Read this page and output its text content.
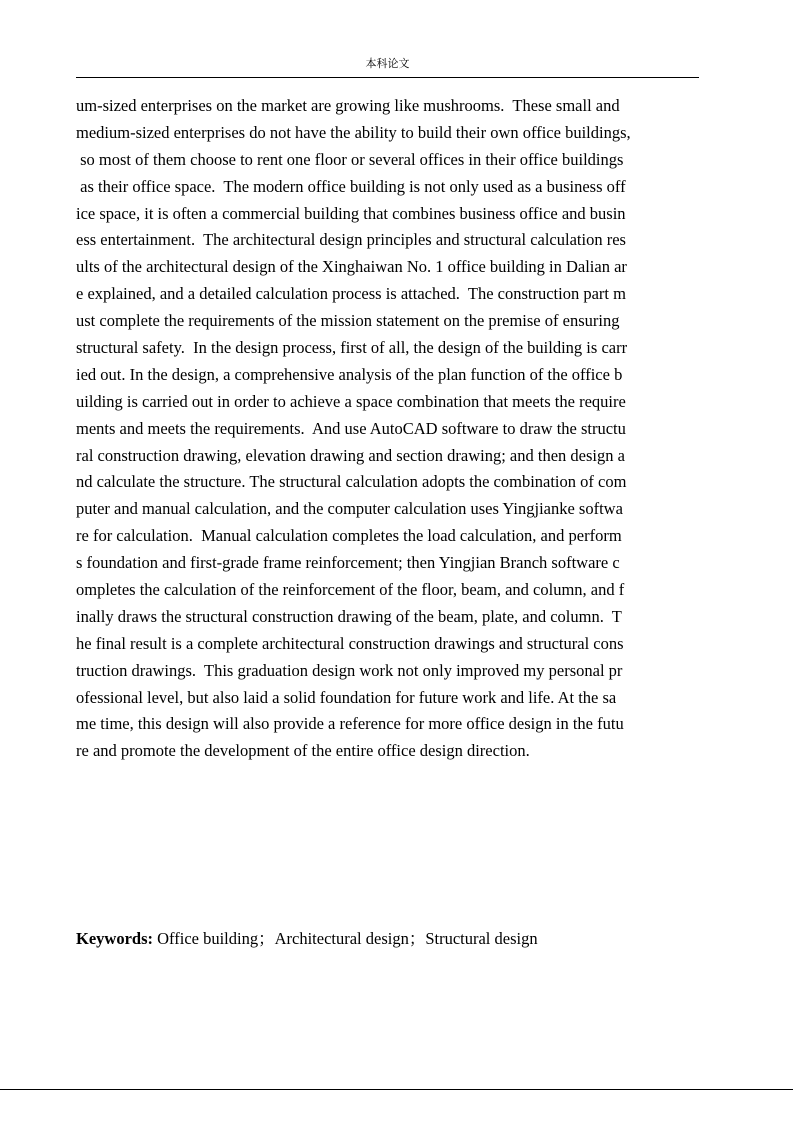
本科论文
um-sized enterprises on the market are growing like mushrooms.  These small and
medium-sized enterprises do not have the ability to build their own office buildings,
so most of them choose to rent one floor or several offices in their office buildings
as their office space.  The modern office building is not only used as a business off
ice space, it is often a commercial building that combines business office and busin
ess entertainment.  The architectural design principles and structural calculation res
ults of the architectural design of the Xinghaiwan No. 1 office building in Dalian ar
e explained, and a detailed calculation process is attached.  The construction part m
ust complete the requirements of the mission statement on the premise of ensuring
structural safety.  In the design process, first of all, the design of the building is carr
ied out. In the design, a comprehensive analysis of the plan function of the office b
uilding is carried out in order to achieve a space combination that meets the require
ments and meets the requirements.  And use AutoCAD software to draw the structu
ral construction drawing, elevation drawing and section drawing; and then design a
nd calculate the structure. The structural calculation adopts the combination of com
puter and manual calculation, and the computer calculation uses Yingjianke softwa
re for calculation.  Manual calculation completes the load calculation, and perform
s foundation and first-grade frame reinforcement; then Yingjian Branch software c
ompletes the calculation of the reinforcement of the floor, beam, and column, and f
inally draws the structural construction drawing of the beam, plate, and column.  T
he final result is a complete architectural construction drawings and structural cons
truction drawings.  This graduation design work not only improved my personal pr
ofessional level, but also laid a solid foundation for future work and life. At the sa
me time, this design will also provide a reference for more office design in the futu
re and promote the development of the entire office design direction.

Keywords: Office building；Architectural design；Structural design
